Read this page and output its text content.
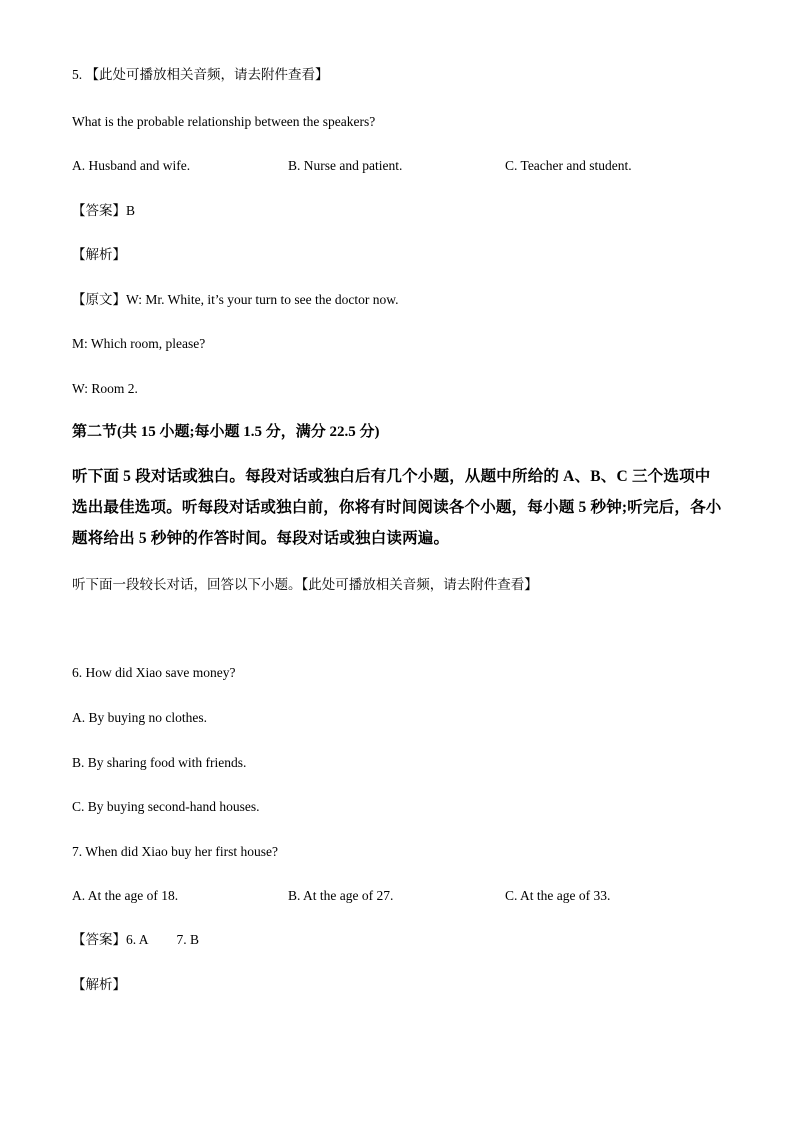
5. 【此处可播放相关音频，请去附件查看】
What is the probable relationship between the speakers?
A. Husband and wife.	B. Nurse and patient.	C. Teacher and student.
【答案】B
【解析】
【原文】W: Mr. White, it’s your turn to see the doctor now.
M: Which room, please?
W: Room 2.
第二节(共 15 小题;每小题 1.5 分，满分 22.5 分)
听下面 5 段对话或独白。每段对话或独白后有几个小题，从题中所给的 A、B、C 三个选项中选出最佳选项。听每段对话或独白前，你将有时间阅读各个小题，每小题 5 秒钟;听完后，各小题将给出 5 秒钟的作答时间。每段对话或独白读两遍。
听下面一段较长对话，回答以下小题。【此处可播放相关音频，请去附件查看】
6. How did Xiao save money?
A. By buying no clothes.
B. By sharing food with friends.
C. By buying second-hand houses.
7. When did Xiao buy her first house?
A. At the age of 18.	B. At the age of 27.	C. At the age of 33.
【答案】6. A 7. B
【解析】
